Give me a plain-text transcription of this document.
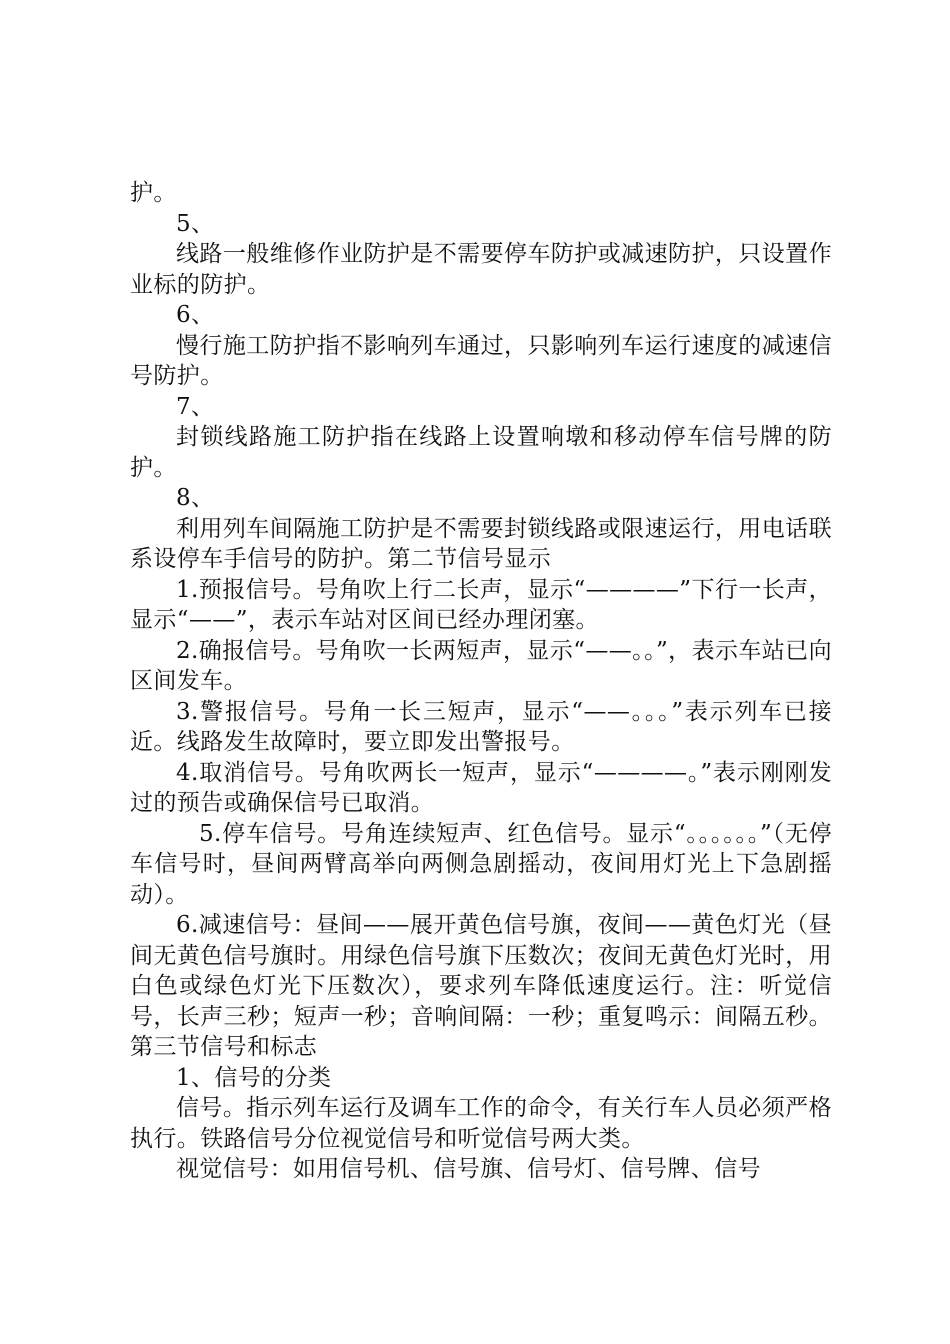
护。

5、

线路一般维修作业防护是不需要停车防护或减速防护，只设置作业标的防护。

6、

慢行施工防护指不影响列车通过，只影响列车运行速度的减速信号防护。

7、

封锁线路施工防护指在线路上设置响墩和移动停车信号牌的防护。

8、

利用列车间隔施工防护是不需要封锁线路或限速运行，用电话联系设停车手信号的防护。第二节信号显示

1.预报信号。号角吹上行二长声，显示“————”下行一长声，显示“——”，表示车站对区间已经办理闭塞。

2.确报信号。号角吹一长两短声，显示“——。。”，表示车站已向区间发车。

3.警报信号。号角一长三短声，显示“——。。。”表示列车已接近。线路发生故障时，要立即发出警报号。

4.取消信号。号角吹两长一短声，显示“————。”表示刚刚发过的预告或确保信号已取消。

5.停车信号。号角连续短声、红色信号。显示“。。。。。。”（无停车信号时，昼间两臂高举向两侧急剧摇动，夜间用灯光上下急剧摇动）。

6.减速信号：昼间——展开黄色信号旗，夜间——黄色灯光（昼间无黄色信号旗时。用绿色信号旗下压数次；夜间无黄色灯光时，用白色或绿色灯光下压数次），要求列车降低速度运行。注：听觉信号，长声三秒；短声一秒；音响间隔：一秒；重复鸣示：间隔五秒。第三节信号和标志

1、信号的分类

信号。指示列车运行及调车工作的命令，有关行车人员必须严格执行。铁路信号分位视觉信号和听觉信号两大类。

视觉信号：如用信号机、信号旗、信号灯、信号牌、信号
